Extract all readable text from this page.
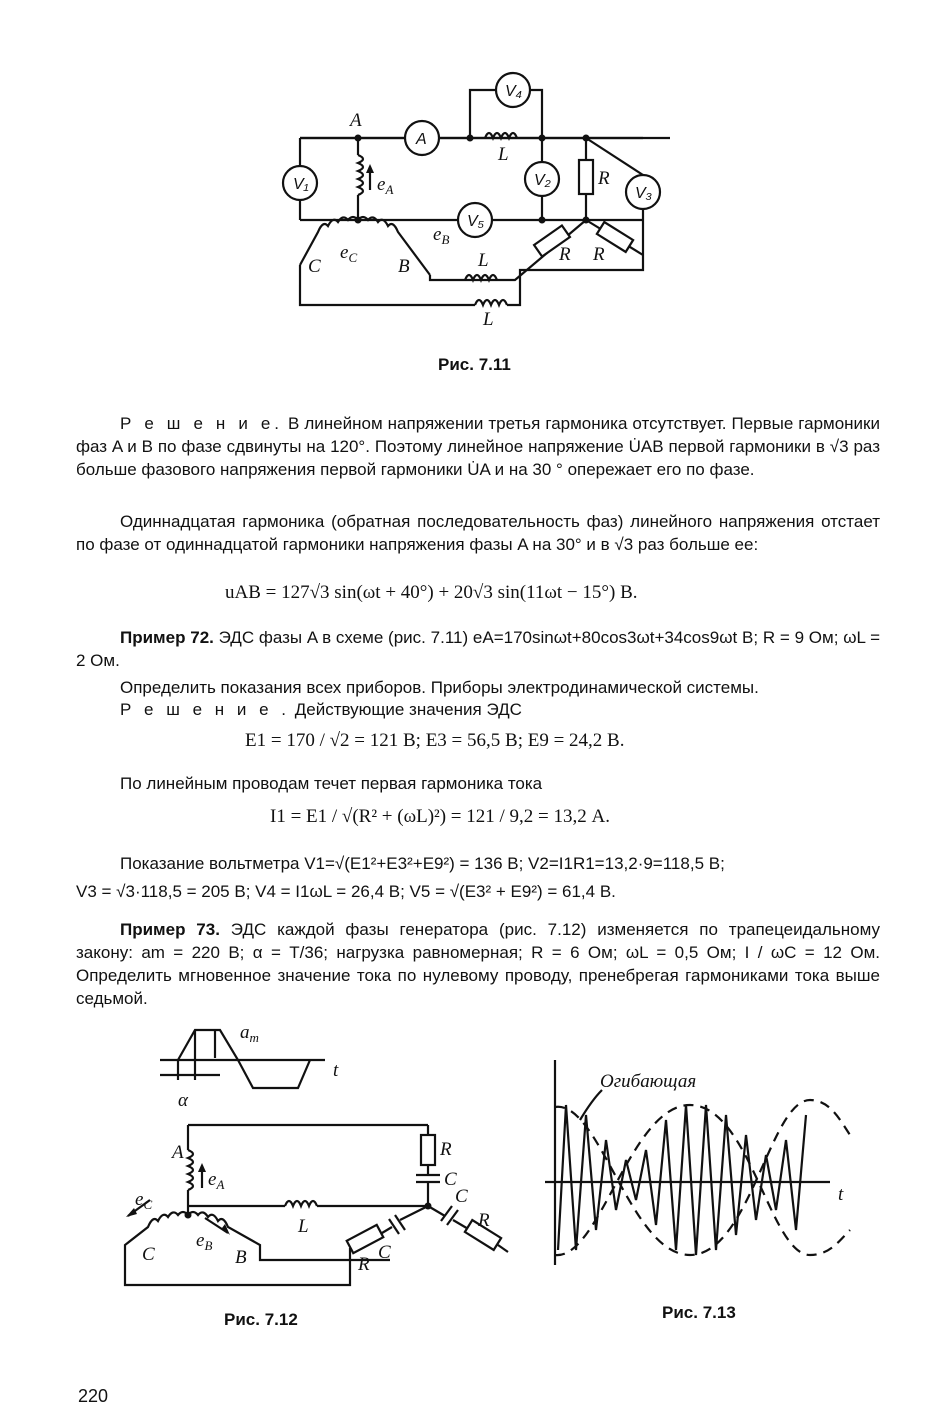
V₁
A
$e_A$
A
V₄
L
V₂ R
V₃
V₅
C
$e_C$ B
$e_B$
L
L
R R
Рис. 7.11
Р е ш е н и е. В линейном напряжении третья гармоника отсутствует. Первые гармоники фаз A и B по фазе сдвинуты на 120°. Поэтому линейное напряжение U̇AB первой гармоники в √3 раз больше фазового напряжения первой гармоники U̇A и на 30 ° опережает его по фазе.
Одиннадцатая гармоника (обратная последовательность фаз) линейного напряжения отстает по фазе от одиннадцатой гармоники напряжения фазы A на 30° и в √3 раз больше ее:
uAB = 127√3 sin(ωt + 40°) + 20√3 sin(11ωt − 15°) В.
Пример 72. ЭДС фазы A в схеме (рис. 7.11) eA=170sinωt+80cos3ωt+34cos9ωt В; R = 9 Ом; ωL = 2 Ом.
Определить показания всех приборов. Приборы электродинамической системы.
Р е ш е н и е . Действующие значения ЭДС
E1 = 170 / √2 = 121 В; E3 = 56,5 В; E9 = 24,2 В.
По линейным проводам течет первая гармоника тока
I1 = E1 / √(R² + (ωL)²) = 121 / 9,2 = 13,2 А.
Показание вольтметра V1=√(E1²+E3²+E9²) = 136 В; V2=I1R1=13,2·9=118,5 В;
V3 = √3·118,5 = 205 В; V4 = I1ωL = 26,4 В; V5 = √(E3² + E9²) = 61,4 В.
Пример 73. ЭДС каждой фазы генератора (рис. 7.12) изменяется по трапецеидальному закону: am = 220 В; α = T/36; нагрузка равномерная; R = 6 Ом; ωL = 0,5 Ом; I / ωC = 12 Ом. Определить мгновенное значение тока по нулевому проводу, пренебрегая гармониками тока выше седьмой.
$a_m$
t
α
A
$e_A$
R
C
L
$e_C$
$e_B$
C	B	C
R
C
R
Рис. 7.12
t
Огибающая
Рис. 7.13
220
